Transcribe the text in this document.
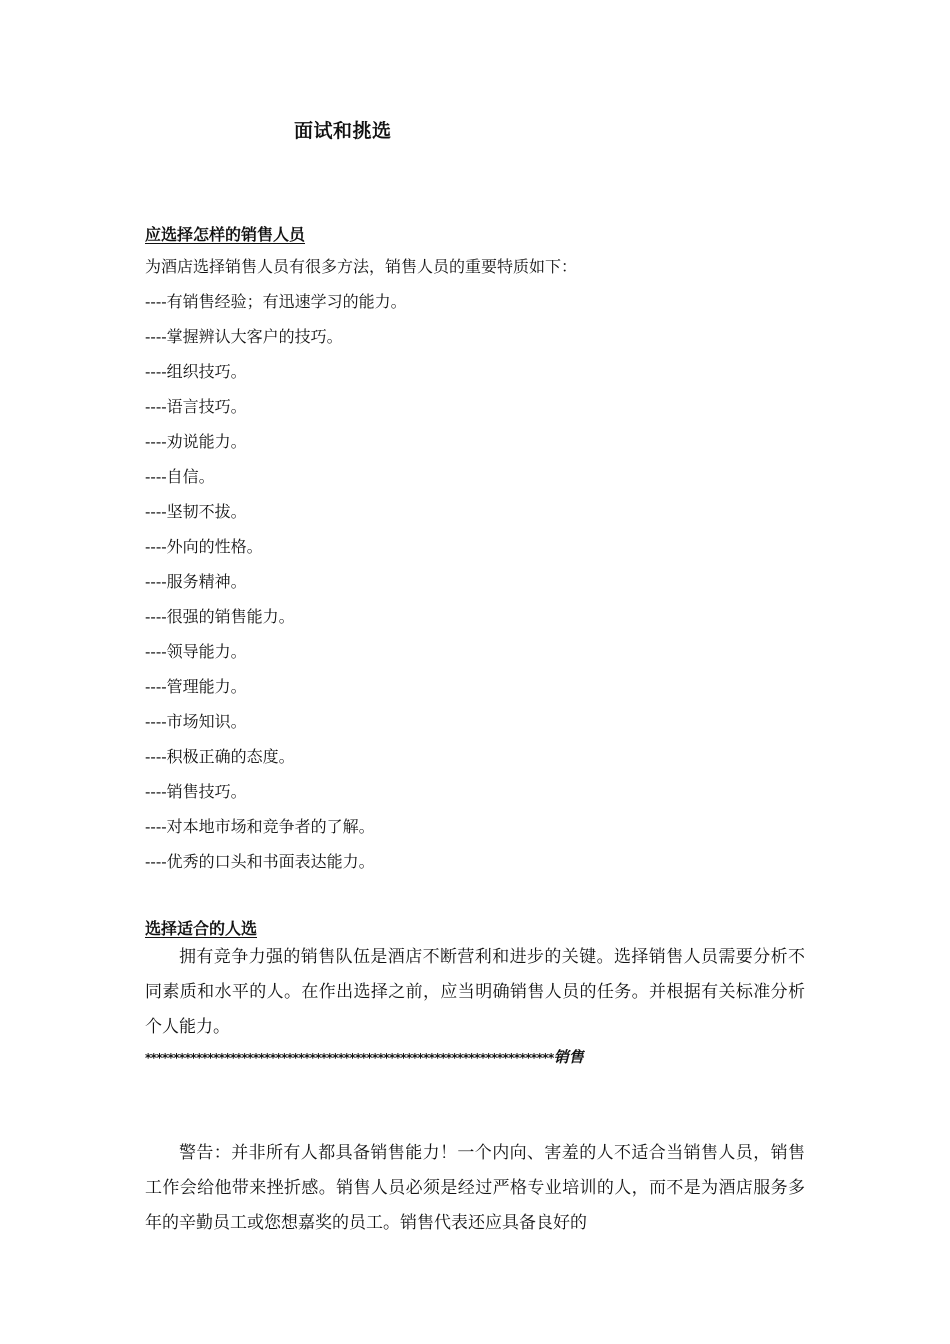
面试和挑选
应选择怎样的销售人员
为酒店选择销售人员有很多方法，销售人员的重要特质如下：
----有销售经验；有迅速学习的能力。
----掌握辨认大客户的技巧。
----组织技巧。
----语言技巧。
----劝说能力。
----自信。
----坚韧不拔。
----外向的性格。
----服务精神。
----很强的销售能力。
----领导能力。
----管理能力。
----市场知识。
----积极正确的态度。
----销售技巧。
----对本地市场和竞争者的了解。
----优秀的口头和书面表达能力。
选择适合的人选
拥有竞争力强的销售队伍是酒店不断营利和进步的关键。选择销售人员需要分析不同素质和水平的人。在作出选择之前，应当明确销售人员的任务。并根据有关标准分析个人能力。
************************************************************************销售
警告：并非所有人都具备销售能力！一个内向、害羞的人不适合当销售人员，销售工作会给他带来挫折感。销售人员必须是经过严格专业培训的人，而不是为酒店服务多年的辛勤员工或您想嘉奖的员工。销售代表还应具备良好的
